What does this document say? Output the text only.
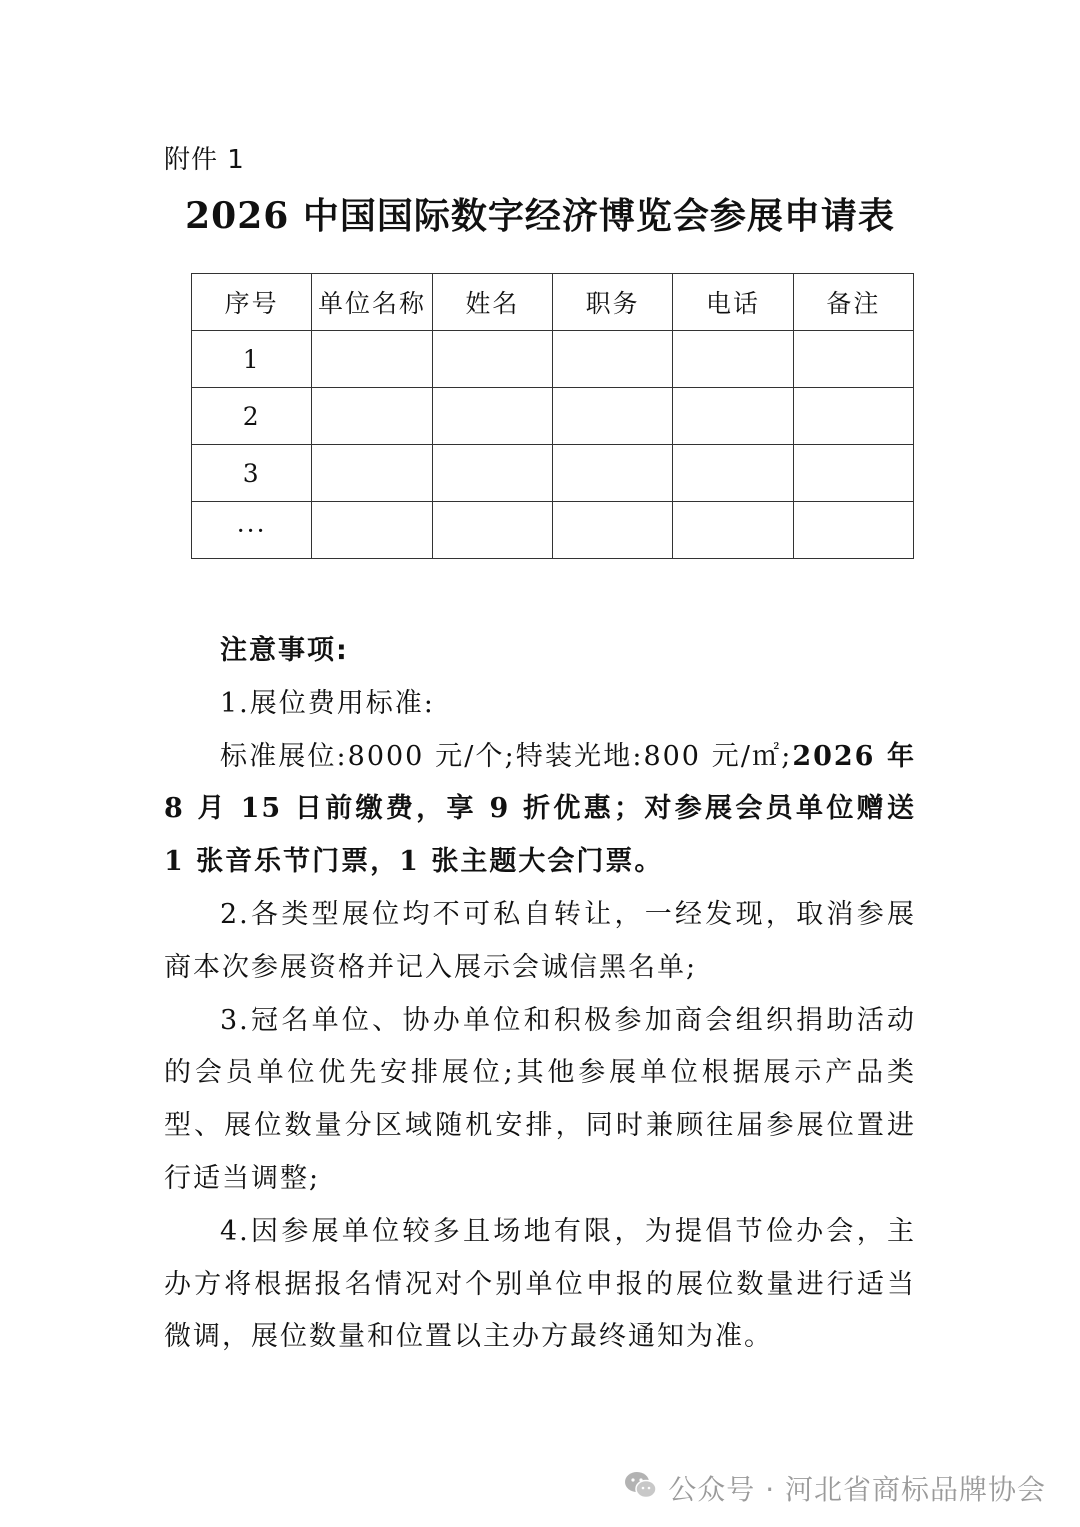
附件 1
2026 中国国际数字经济博览会参展申请表
序号	单位名称	姓名	职务	电话	备注
1					
2					
3					
···					

注意事项:

1.展位费用标准:

标准展位:8000 元/个;特装光地:800 元/㎡;2026 年 8 月 15 日前缴费，享 9 折优惠；对参展会员单位赠送 1 张音乐节门票，1 张主题大会门票。

2.各类型展位均不可私自转让，一经发现，取消参展商本次参展资格并记入展示会诚信黑名单;

3.冠名单位、协办单位和积极参加商会组织捐助活动的会员单位优先安排展位;其他参展单位根据展示产品类型、展位数量分区域随机安排，同时兼顾往届参展位置进行适当调整;

4.因参展单位较多且场地有限，为提倡节俭办会，主办方将根据报名情况对个别单位申报的展位数量进行适当微调，展位数量和位置以主办方最终通知为准。

公众号 · 河北省商标品牌协会
